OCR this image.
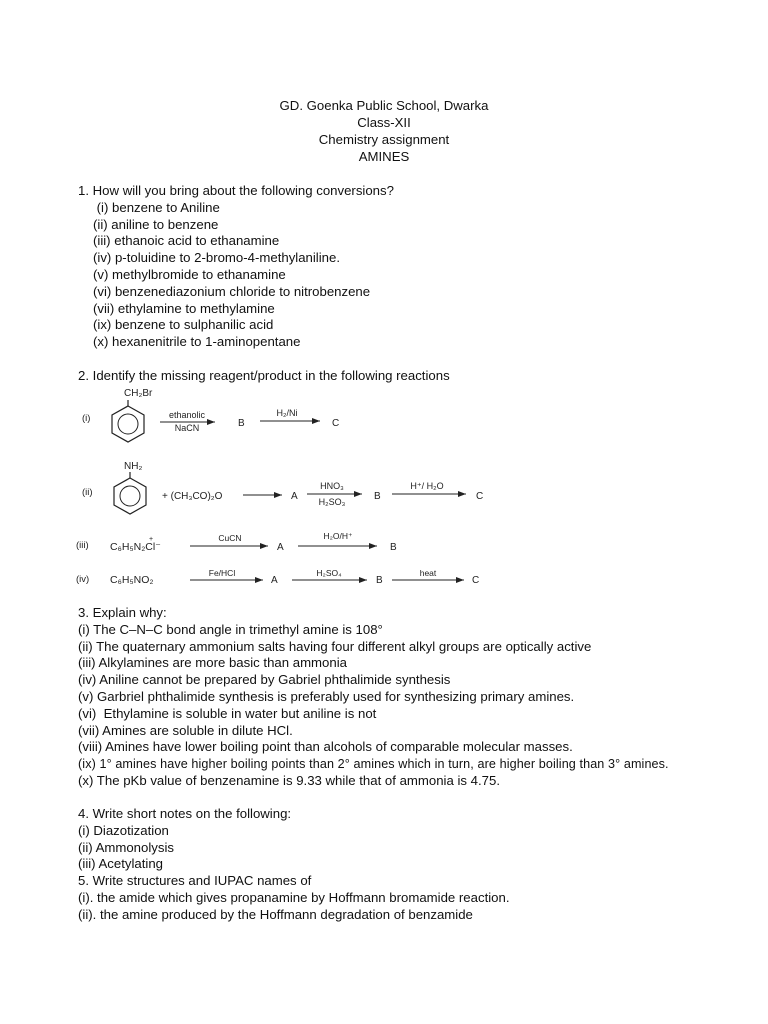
GD. Goenka Public School, Dwarka
Class-XII
Chemistry assignment
AMINES
1. How will you bring about the following conversions?
(i) benzene to Aniline
(ii) aniline to benzene
(iii) ethanoic acid to ethanamine
(iv) p-toluidine to 2-bromo-4-methylaniline.
(v) methylbromide to ethanamine
(vi) benzenediazonium chloride to nitrobenzene
(vii) ethylamine to methylamine
(ix) benzene to sulphanilic acid
(x) hexanenitrile to 1-aminopentane
2. Identify the missing reagent/product in the following reactions
(i)
CH₂Br
ethanolic
NaCN	B
H₂/Ni
C
(ii)
NH₂
+ (CH₃CO)₂O	A
HNO₃
H₂SO₃	B
H⁺/ H₂O
C
(iii) C₆H₅N₂Cl⁻
+	CuCN
A
H₂O/H⁺
B
(iv) C₆H₅NO₂
Fe/HCl
A
H₂SO₄
B
heat
C
3. Explain why:
(i) The C–N–C bond angle in trimethyl amine is 108°
(ii) The quaternary ammonium salts having four different alkyl groups are optically active
(iii) Alkylamines are more basic than ammonia
(iv) Aniline cannot be prepared by Gabriel phthalimide synthesis
(v) Garbriel phthalimide synthesis is preferably used for synthesizing primary amines.
(vi)  Ethylamine is soluble in water but aniline is not
(vii) Amines are soluble in dilute HCl.
(viii) Amines have lower boiling point than alcohols of comparable molecular masses.
(ix) 1° amines have higher boiling points than 2° amines which in turn, are higher boiling than 3° amines.
(x) The pKb value of benzenamine is 9.33 while that of ammonia is 4.75.
4. Write short notes on the following:
(i) Diazotization
(ii) Ammonolysis
(iii) Acetylating
5. Write structures and IUPAC names of
(i). the amide which gives propanamine by Hoffmann bromamide reaction.
(ii). the amine produced by the Hoffmann degradation of benzamide
